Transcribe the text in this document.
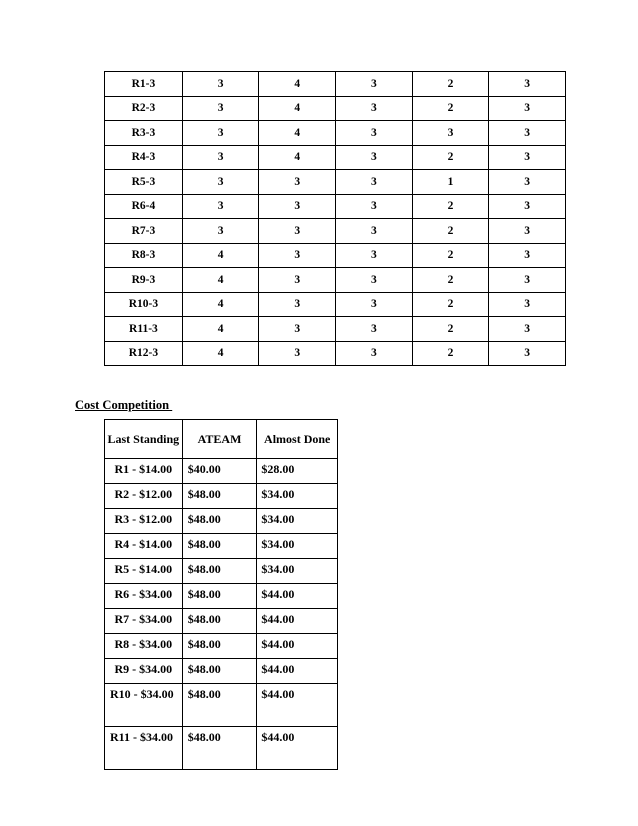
R1-3	3	4	3	2	3
R2-3	3	4	3	2	3
R3-3	3	4	3	3	3
R4-3	3	4	3	2	3
R5-3	3	3	3	1	3
R6-4	3	3	3	2	3
R7-3	3	3	3	2	3
R8-3	4	3	3	2	3
R9-3	4	3	3	2	3
R10-3	4	3	3	2	3
R11-3	4	3	3	2	3
R12-3	4	3	3	2	3
Cost Competition
Last Standing	ATEAM	Almost Done
R1 - $14.00	$40.00	$28.00
R2 - $12.00	$48.00	$34.00
R3 - $12.00	$48.00	$34.00
R4 - $14.00	$48.00	$34.00
R5 - $14.00	$48.00	$34.00
R6 - $34.00	$48.00	$44.00
R7 - $34.00	$48.00	$44.00
R8 - $34.00	$48.00	$44.00
R9 - $34.00	$48.00	$44.00
R10 - $34.00	$48.00	$44.00
R11 - $34.00	$48.00	$44.00
